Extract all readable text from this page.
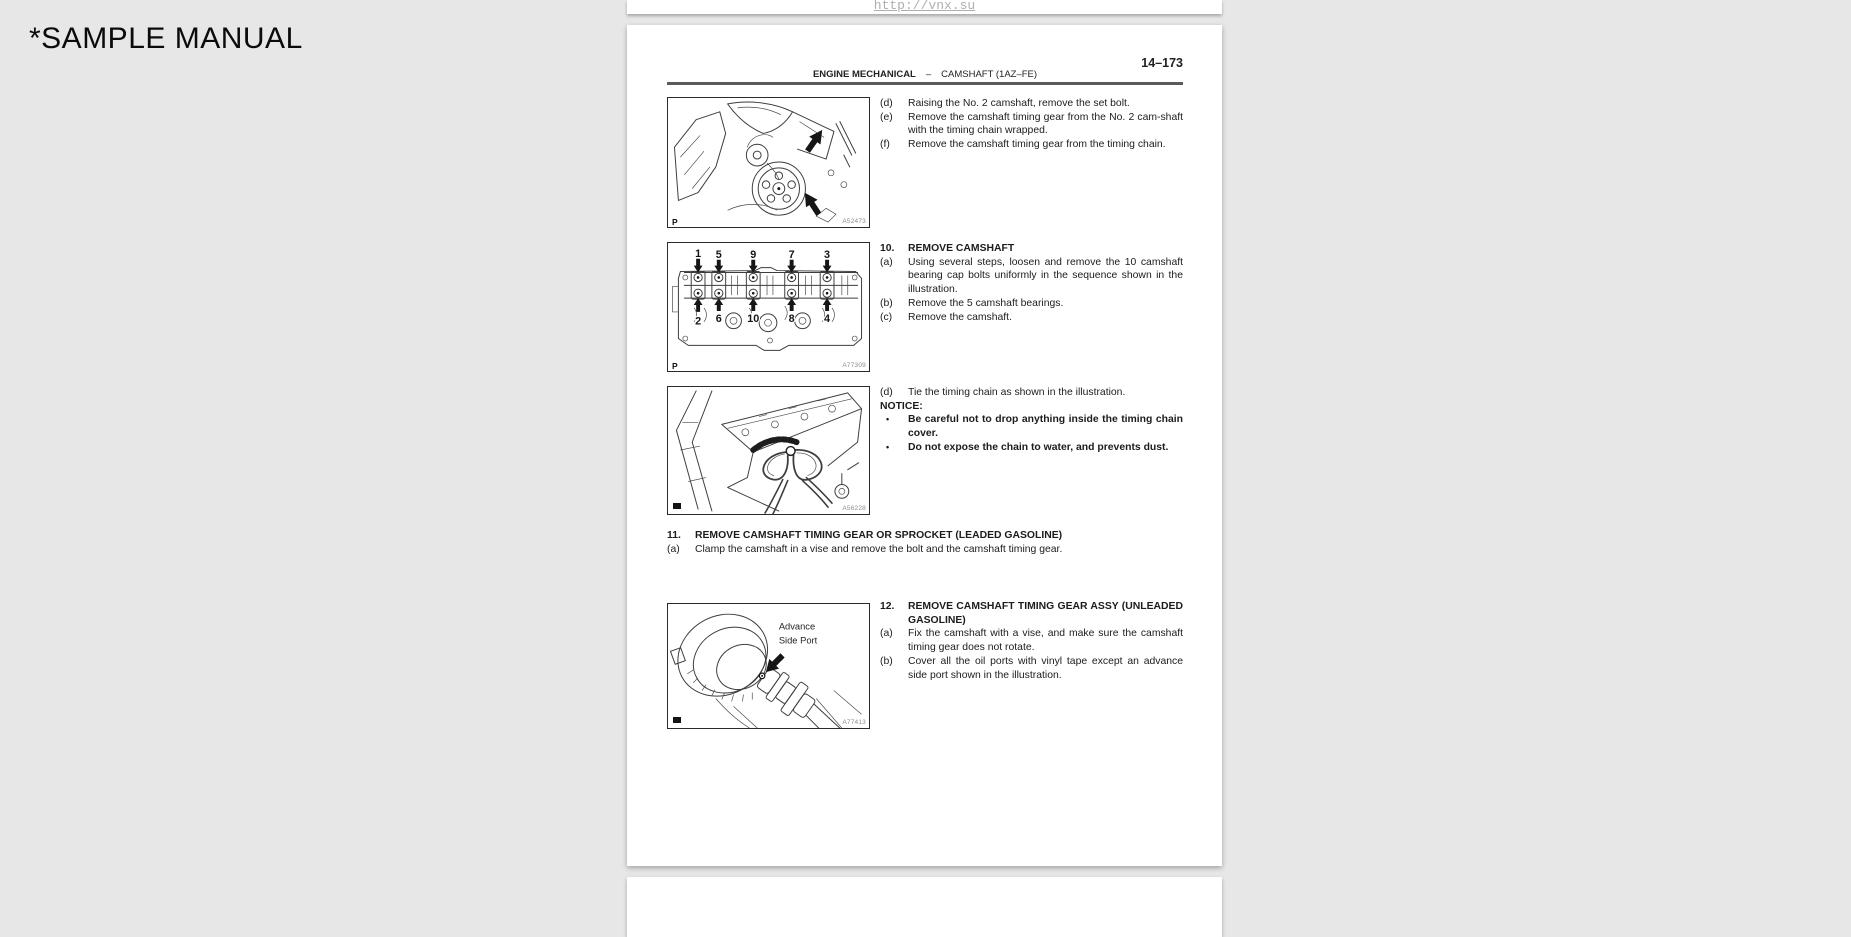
*SAMPLE MANUAL
http://vnx.su
14–173
ENGINE MECHANICAL – CAMSHAFT (1AZ–FE)
P	A52473
(d)	Raising the No. 2 camshaft, remove the set bolt.
(e)	Remove the camshaft timing gear from the No. 2 cam-shaft with the timing chain wrapped.
(f)	Remove the camshaft timing gear from the timing chain.
1 5	9	7	3
2 6 10	8	4
P	A77309
10.	REMOVE CAMSHAFT
(a)	Using several steps, loosen and remove the 10 camshaft bearing cap bolts uniformly in the sequence shown in the illustration.
(b)	Remove the 5 camshaft bearings.
(c)	Remove the camshaft.
A56228
(d)	Tie the timing chain as shown in the illustration.
NOTICE:
•	Be careful not to drop anything inside the timing chain cover.
•	Do not expose the chain to water, and prevents dust.
11.	REMOVE CAMSHAFT TIMING GEAR OR SPROCKET (LEADED GASOLINE)
(a)	Clamp the camshaft in a vise and remove the bolt and the camshaft timing gear.
Advance
Side Port
A77413
12.	REMOVE CAMSHAFT TIMING GEAR ASSY (UNLEADED GASOLINE)
(a)	Fix the camshaft with a vise, and make sure the camshaft timing gear does not rotate.
(b)	Cover all the oil ports with vinyl tape except an advance side port shown in the illustration.
